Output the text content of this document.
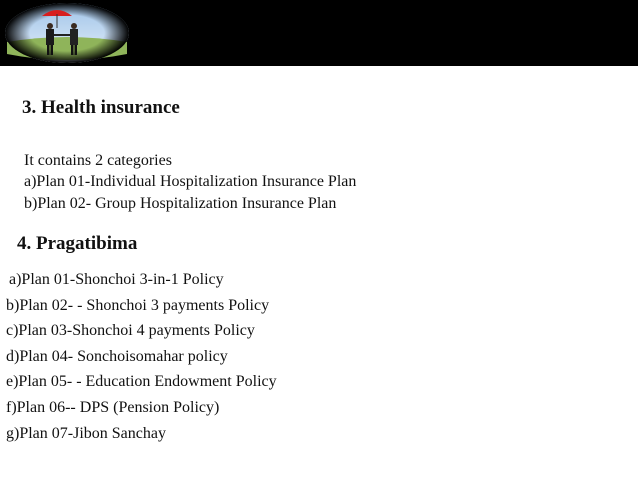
3. Health insurance
It contains 2 categories
a)Plan 01-Individual Hospitalization Insurance Plan
b)Plan 02- Group Hospitalization Insurance Plan
4. Pragatibima
a)Plan 01-Shonchoi 3-in-1 Policy
b)Plan 02- - Shonchoi 3 payments Policy
c)Plan 03-Shonchoi 4 payments Policy
d)Plan 04- Sonchoisomahar policy
e)Plan 05- - Education Endowment Policy
f)Plan 06-- DPS (Pension Policy)
g)Plan 07-Jibon Sanchay
